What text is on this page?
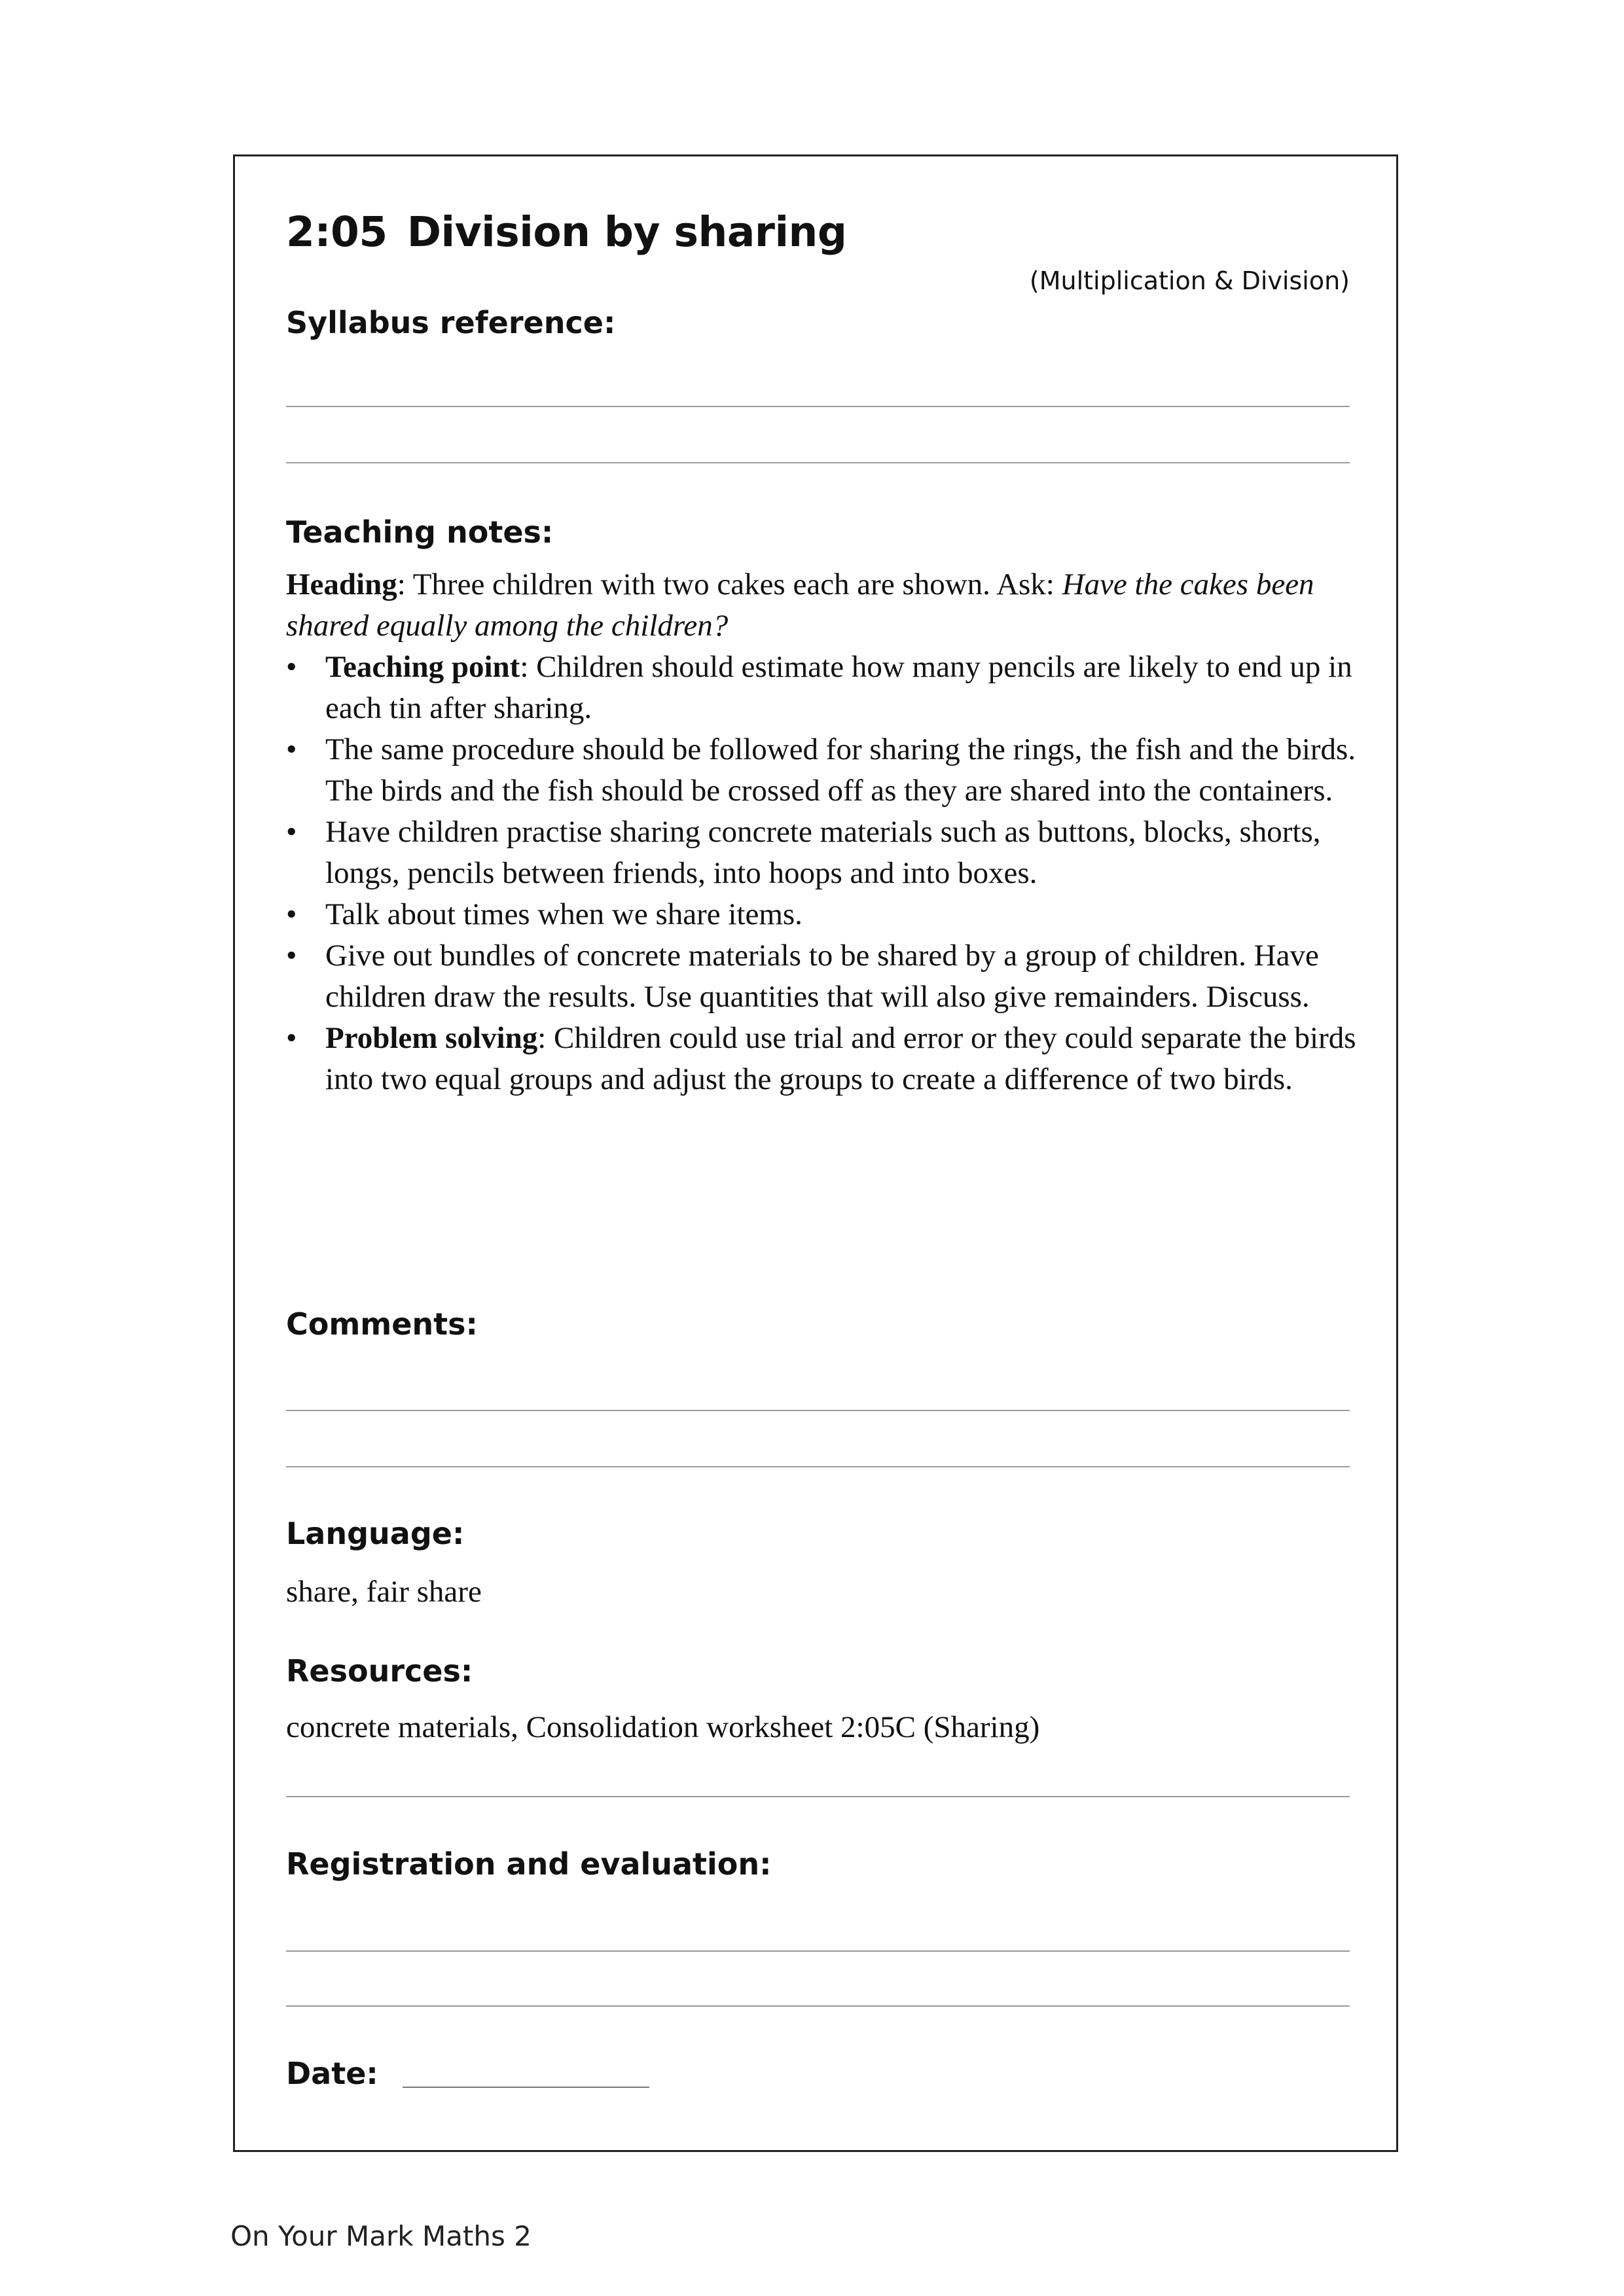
2:05 Division by sharing
(Multiplication & Division)
Syllabus reference:
Teaching notes:

Heading: Three children with two cakes each are shown. Ask: Have the cakes been shared equally among the children?

• Teaching point: Children should estimate how many pencils are likely to end up in each tin after sharing.
• The same procedure should be followed for sharing the rings, the fish and the birds. The birds and the fish should be crossed off as they are shared into the containers.
• Have children practise sharing concrete materials such as buttons, blocks, shorts, longs, pencils between friends, into hoops and into boxes.
• Talk about times when we share items.
• Give out bundles of concrete materials to be shared by a group of children. Have children draw the results. Use quantities that will also give remainders. Discuss.
• Problem solving: Children could use trial and error or they could separate the birds into two equal groups and adjust the groups to create a difference of two birds.
Comments:
Language:
share, fair share
Resources:
concrete materials, Consolidation worksheet 2:05C (Sharing)
Registration and evaluation:
Date:
On Your Mark Maths 2
